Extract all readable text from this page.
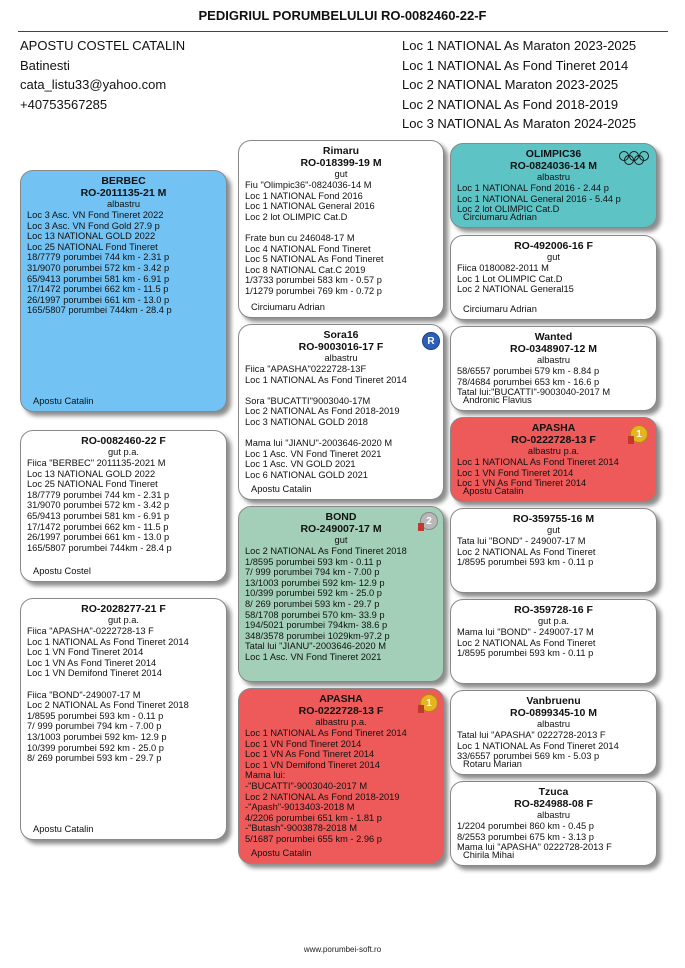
PEDIGRIUL PORUMBELULUI RO-0082460-22-F
APOSTU COSTEL CATALIN
Batinesti
cata_listu33@yahoo.com
+40753567285
Loc 1 NATIONAL As Maraton 2023-2025
Loc 1 NATIONAL As Fond Tineret 2014
Loc 2 NATIONAL Maraton 2023-2025
Loc 2 NATIONAL As Fond 2018-2019
Loc 3 NATIONAL As Maraton 2024-2025
BERBEC
RO-2011135-21 M
albastru
Loc 3 Asc. VN Fond Tineret 2022
Loc 3 Asc. VN Fond Gold 27.9 p
Loc 13 NATIONAL GOLD 2022
Loc 25 NATIONAL Fond Tineret
18/7779 porumbei 744 km - 2.31 p
31/9070 porumbei 572 km - 3.42 p
65/9413 porumbei 581 km - 6.91 p
17/1472 porumbei 662 km - 11.5 p
26/1997 porumbei 661 km - 13.0 p
165/5807 porumbei 744km - 28.4 p
Apostu Catalin
RO-0082460-22 F
gut p.a.
Fiica "BERBEC" 2011135-2021 M
Loc 13 NATIONAL GOLD 2022
Loc 25 NATIONAL Fond Tineret
18/7779 porumbei 744 km - 2.31 p
31/9070 porumbei 572 km - 3.42 p
65/9413 porumbei 581 km - 6.91 p
17/1472 porumbei 662 km - 11.5 p
26/1997 porumbei 661 km - 13.0 p
165/5807 porumbei 744km - 28.4 p
Apostu Costel
RO-2028277-21 F
gut p.a.
Fiica "APASHA"-0222728-13 F
Loc 1 NATIONAL As Fond Tineret 2014
Loc 1 VN Fond Tineret 2014
Loc 1 VN As Fond Tineret 2014
Loc 1 VN Demifond Tineret 2014
Fiica "BOND"-249007-17 M
Loc 2 NATIONAL As Fond Tineret 2018
1/8595 porumbei 593 km - 0.11 p
7/ 999 porumbei 794 km - 7.00 p
13/1003 porumbei 592 km- 12.9 p
10/399 porumbei 592 km - 25.0 p
8/ 269 porumbei 593 km - 29.7 p
Apostu Catalin
Rimaru
RO-018399-19 M
gut
Fiu "Olimpic36"-0824036-14 M
Loc 1 NATIONAL Fond 2016
Loc 1 NATIONAL General 2016
Loc 2 lot OLIMPIC Cat.D
Frate bun cu 246048-17 M
Loc 4 NATIONAL Fond Tineret
Loc 5 NATIONAL As Fond Tineret
Loc 8 NATIONAL Cat.C 2019
1/3733 porumbei 583 km - 0.57 p
1/1279 porumbei 769 km - 0.72 p
Circiumaru Adrian
Sora16
RO-9003016-17 F
albastru
Fiica "APASHA"0222728-13F
Loc 1 NATIONAL As Fond Tineret 2014
Sora "BUCATTI"9003040-17M
Loc 2 NATIONAL As Fond 2018-2019
Loc 3 NATIONAL GOLD 2018
Mama lui "JIANU"-2003646-2020 M
Loc 1 Asc. VN Fond Tineret 2021
Loc 1 Asc. VN GOLD 2021
Loc 6 NATIONAL GOLD 2021
Apostu Catalin
BOND
RO-249007-17 M
gut
Loc 2 NATIONAL As Fond Tineret 2018
1/8595 porumbei 593 km - 0.11 p
7/ 999 porumbei 794 km - 7.00 p
13/1003 porumbei 592 km- 12.9 p
10/399 porumbei 592 km - 25.0 p
8/ 269 porumbei 593 km - 29.7 p
58/1708 porumbei 570 km- 33.9 p
194/5021 porumbei 794km- 38.6 p
348/3578 porumbei 1029km-97.2 p
Tatal lui "JIANU"-2003646-2020 M
Loc 1 Asc. VN Fond Tineret 2021
APASHA
RO-0222728-13 F
albastru p.a.
Loc 1 NATIONAL As Fond Tineret 2014
Loc 1 VN Fond Tineret 2014
Loc 1 VN As Fond Tineret 2014
Loc 1 VN Demifond Tineret 2014
Mama lui:
-"BUCATTI"-9003040-2017 M
Loc 2 NATIONAL As Fond 2018-2019
-"Apash"-9013403-2018 M
4/2206 porumbei 651 km - 1.81 p
-"Butash"-9003878-2018 M
5/1687 porumbei 655 km - 2.96 p
Apostu Catalin
OLIMPIC36
RO-0824036-14 M
albastru
Loc 1 NATIONAL Fond 2016 - 2.44 p
Loc 1 NATIONAL General 2016 - 5.44 p
Loc 2 lot OLIMPIC Cat.D
Circiumaru Adrian
RO-492006-16 F
gut
Fiica 0180082-2011 M
Loc 1 Lot OLIMPIC Cat.D
Loc 2 NATIONAL General15
Circiumaru Adrian
Wanted
RO-0348907-12 M
albastru
58/6557 porumbei 579 km - 8.84 p
78/4684 porumbei 653 km - 16.6 p
Tatal lui:"BUCATTI"-9003040-2017 M
Andronic Flavius
APASHA
RO-0222728-13 F
albastru p.a.
Loc 1 NATIONAL As Fond Tineret 2014
Loc 1 VN Fond Tineret 2014
Loc 1 VN As Fond Tineret 2014
Apostu Catalin
RO-359755-16 M
gut
Tata lui "BOND" - 249007-17 M
Loc 2 NATIONAL As Fond Tineret
1/8595 porumbei 593 km - 0.11 p
RO-359728-16 F
gut p.a.
Mama lui "BOND" - 249007-17 M
Loc 2 NATIONAL As Fond Tineret
1/8595 porumbei 593 km - 0.11 p
Vanbruenu
RO-0899345-10 M
albastru
Tatal lui "APASHA" 0222728-2013 F
Loc 1 NATIONAL As Fond Tineret 2014
33/6557 porumbei 569 km - 5.03 p
Rotaru Marian
Tzuca
RO-824988-08 F
albastru
1/2204 porumbei 860 km - 0.45 p
8/2553 porumbei 675 km - 3.13 p
Mama lui "APASHA" 0222728-2013 F
Chirila Mihai
R
2
1
1
www.porumbei-soft.ro
